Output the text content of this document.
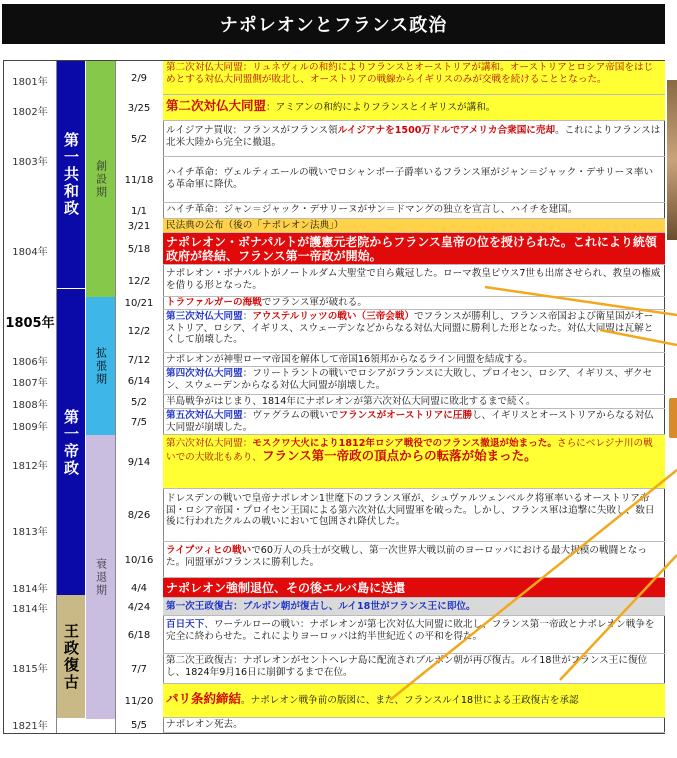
ナポレオンとフランス政治
1801年
1802年
1803年
1804年
1805年
1806年
1807年
1808年
1809年
1812年
1813年
1814年
1814年
1815年
1821年
第一共和政
第一帝政
王政復古
創設期
拡張期
衰退期
2/9
3/25
5/2
11/18
1/1
3/21
5/18
12/2
10/21
12/2
7/12
6/14
5/2
7/5
9/14
8/26
10/16
4/4
4/24
6/18
7/7
11/20
5/5
第二次対仏大同盟：リュネヴィルの和約によりフランスとオーストリアが講和。オーストリアとロシア帝国をはじめとする対仏大同盟側が敗北し、オーストリアの戦線からイギリスのみが交戦を続けることとなった。
第二次対仏大同盟：アミアンの和約によりフランスとイギリスが講和。
ルイジアナ買収：フランスがフランス領ルイジアナを1500万ドルでアメリカ合衆国に売却。これによりフランスは北米大陸から完全に撤退。
ハイチ革命：ヴェルティエールの戦いでロシャンボー子爵率いるフランス軍がジャン＝ジャック・デサリーヌ率いる革命軍に降伏。
ハイチ革命：ジャン＝ジャック・デサリーヌがサン＝ドマングの独立を宣言し、ハイチを建国。
民法典の公布（後の「ナポレオン法典」）
ナポレオン・ボナパルトが護憲元老院からフランス皇帝の位を授けられた。これにより統領政府が終結、フランス第一帝政が開始。
ナポレオン・ボナパルトがノートルダム大聖堂で自ら戴冠した。ローマ教皇ピウス7世も出席させられ、教皇の権威を借りる形となった。
トラファルガーの海戦でフランス軍が破れる。
第三次対仏大同盟：アウステルリッツの戦い（三帝会戦）でフランスが勝利し、フランス帝国および衛星国がオーストリア、ロシア、イギリス、スウェーデンなどからなる対仏大同盟に勝利した形となった。対仏大同盟は瓦解とくして崩壊した。
ナポレオンが神聖ローマ帝国を解体して帝国16領邦からなるライン同盟を結成する。
第四次対仏大同盟：フリートラントの戦いでロシアがフランスに大敗し、プロイセン、ロシア、イギリス、ザクセン、スウェーデンからなる対仏大同盟が崩壊した。
半島戦争がはじまり、1814年にナポレオンが第六次対仏大同盟に敗北するまで続く。
第五次対仏大同盟：ヴァグラムの戦いでフランスがオーストリアに圧勝し、イギリスとオーストリアからなる対仏大同盟が崩壊した。
第六次対仏大同盟：モスクワ大火により1812年ロシア戦役でのフランス撤退が始まった。さらにベレジナ川の戦いでの大敗北もあり、フランス第一帝政の頂点からの転落が始まった。
ドレスデンの戦いで皇帝ナポレオン1世麾下のフランス軍が、シュヴァルツェンベルク将軍率いるオーストリア帝国・ロシア帝国・プロイセン王国による第六次対仏大同盟軍を破った。しかし、フランス軍は追撃に失敗し、数日後に行われたクルムの戦いにおいて包囲され降伏した。
ライプツィヒの戦いで60万人の兵士が交戦し、第一次世界大戦以前のヨーロッパにおける最大規模の戦闘となった。同盟軍がフランスに勝利した。
ナポレオン強制退位、その後エルバ島に送還
第一次王政復古：ブルボン朝が復古し、ルイ18世がフランス王に即位。
百日天下、ワーテルローの戦い：ナポレオンが第七次対仏大同盟に敗北し、フランス第一帝政とナポレオン戦争を完全に終わらせた。これによりヨーロッパは約半世紀近くの平和を得た。
第二次王政復古：ナポレオンがセントヘレナ島に配流されブルボン朝が再び復古。ルイ18世がフランス王に復位し、1824年9月16日に崩御するまで在位。
パリ条約締結。ナポレオン戦争前の版図に、また、フランスルイ18世による王政復古を承認
ナポレオン死去。
